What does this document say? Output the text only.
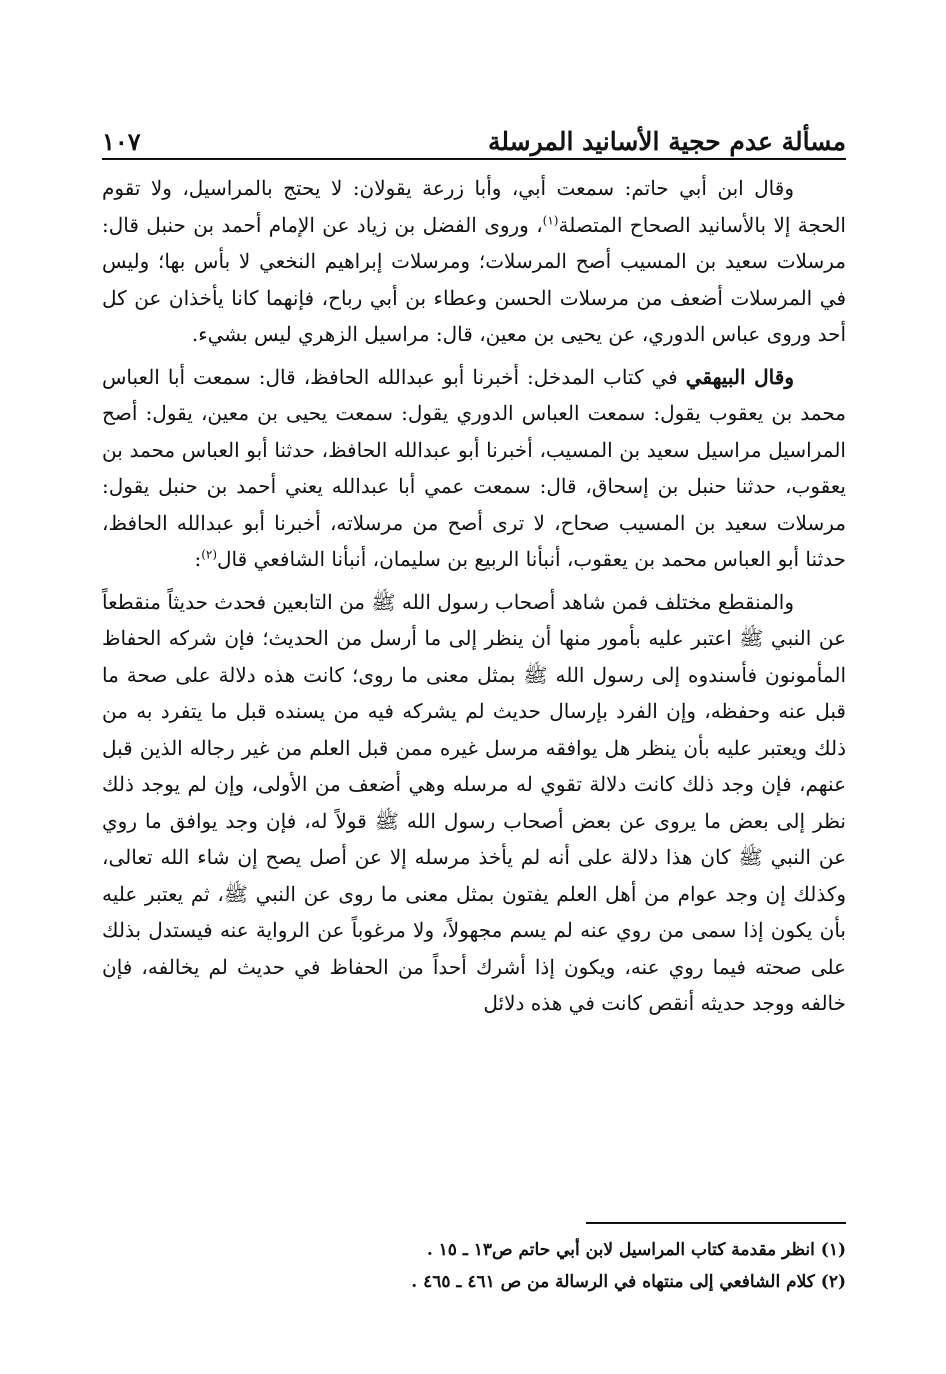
مسألة عدم حجية الأسانيد المرسلة
١٠٧

وقال ابن أبي حاتم: سمعت أبي، وأبا زرعة يقولان: لا يحتج بالمراسيل، ولا تقوم الحجة إلا بالأسانيد الصحاح المتصلة$^{(١)}$، وروى الفضل بن زياد عن الإمام أحمد بن حنبل قال: مرسلات سعيد بن المسيب أصح المرسلات؛ ومرسلات إبراهيم النخعي لا بأس بها؛ وليس في المرسلات أضعف من مرسلات الحسن وعطاء بن أبي رباح، فإنهما كانا يأخذان عن كل أحد وروى عباس الدوري، عن يحيى بن معين، قال: مراسيل الزهري ليس بشيء.

وقال البيهقي في كتاب المدخل: أخبرنا أبو عبدالله الحافظ، قال: سمعت أبا العباس محمد بن يعقوب يقول: سمعت العباس الدوري يقول: سمعت يحيى بن معين، يقول: أصح المراسيل مراسيل سعيد بن المسيب، أخبرنا أبو عبدالله الحافظ، حدثنا أبو العباس محمد بن يعقوب، حدثنا حنبل بن إسحاق، قال: سمعت عمي أبا عبدالله يعني أحمد بن حنبل يقول: مرسلات سعيد بن المسيب صحاح، لا ترى أصح من مرسلاته، أخبرنا أبو عبدالله الحافظ، حدثنا أبو العباس محمد بن يعقوب، أنبأنا الربيع بن سليمان، أنبأنا الشافعي قال$^{(٢)}$:

والمنقطع مختلف فمن شاهد أصحاب رسول الله ﷺ من التابعين فحدث حديثاً منقطعاً عن النبي ﷺ اعتبر عليه بأمور منها أن ينظر إلى ما أرسل من الحديث؛ فإن شركه الحفاظ المأمونون فأسندوه إلى رسول الله ﷺ بمثل معنى ما روى؛ كانت هذه دلالة على صحة ما قبل عنه وحفظه، وإن الفرد بإرسال حديث لم يشركه فيه من يسنده قبل ما يتفرد به من ذلك ويعتبر عليه بأن ينظر هل يوافقه مرسل غيره ممن قبل العلم من غير رجاله الذين قبل عنهم، فإن وجد ذلك كانت دلالة تقوي له مرسله وهي أضعف من الأولى، وإن لم يوجد ذلك نظر إلى بعض ما يروى عن بعض أصحاب رسول الله ﷺ قولاً له، فإن وجد يوافق ما روي عن النبي ﷺ كان هذا دلالة على أنه لم يأخذ مرسله إلا عن أصل يصح إن شاء الله تعالى، وكذلك إن وجد عوام من أهل العلم يفتون بمثل معنى ما روى عن النبي ﷺ، ثم يعتبر عليه بأن يكون إذا سمى من روي عنه لم يسم مجهولاً، ولا مرغوباً عن الرواية عنه فيستدل بذلك على صحته فيما روي عنه، ويكون إذا أشرك أحداً من الحفاظ في حديث لم يخالفه، فإن خالفه ووجد حديثه أنقص كانت في هذه دلائل

(١) انظر مقدمة كتاب المراسيل لابن أبي حاتم ص١٣ ـ ١٥ .

(٢) كلام الشافعي إلى منتهاه في الرسالة من ص ٤٦١ ـ ٤٦٥ .
